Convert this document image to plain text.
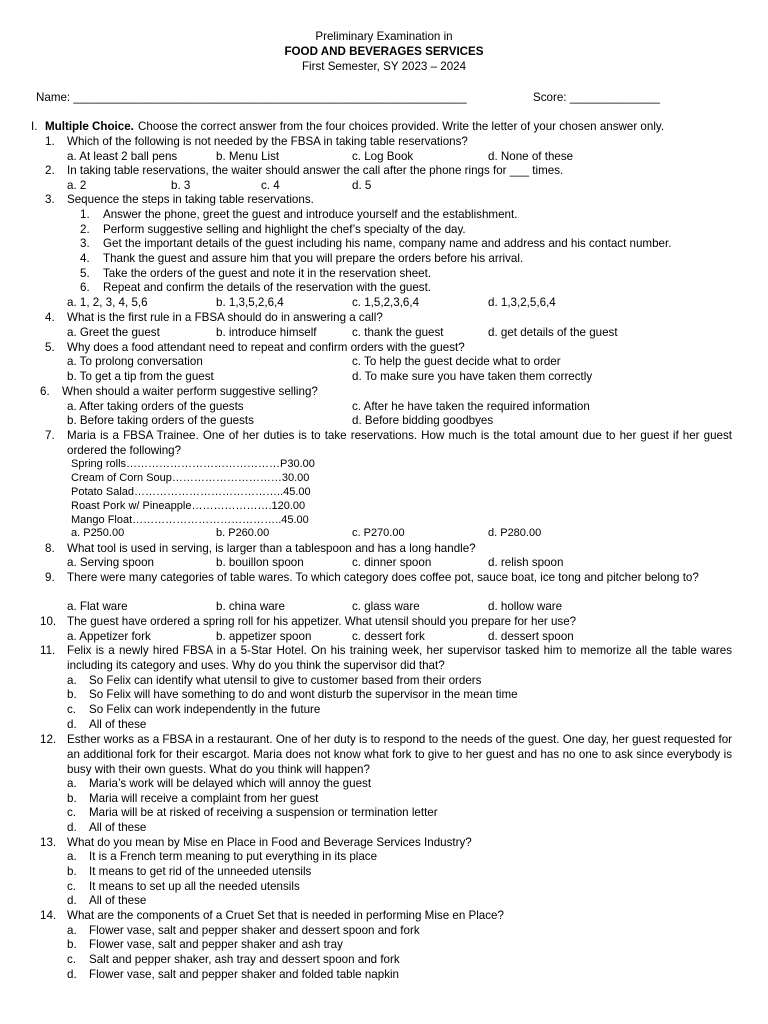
Preliminary Examination in
FOOD AND BEVERAGES SERVICES
First Semester, SY 2023 – 2024
Name: _____________________________________________________________	Score: ______________
I. Multiple Choice. Choose the correct answer from the four choices provided. Write the letter of your chosen answer only.
1. Which of the following is not needed by the FBSA in taking table reservations?
a. At least 2 ball pens	b. Menu List	c. Log Book	d. None of these
2. In taking table reservations, the waiter should answer the call after the phone rings for ___ times.
a. 2	b. 3	c. 4	d. 5
3. Sequence the steps in taking table reservations.
1. Answer the phone, greet the guest and introduce yourself and the establishment.
2. Perform suggestive selling and highlight the chef’s specialty of the day.
3. Get the important details of the guest including his name, company name and address and his contact number.
4. Thank the guest and assure him that you will prepare the orders before his arrival.
5. Take the orders of the guest and note it in the reservation sheet.
6. Repeat and confirm the details of the reservation with the guest.
a. 1, 2, 3, 4, 5,6	b. 1,3,5,2,6,4	c. 1,5,2,3,6,4	d. 1,3,2,5,6,4
4. What is the first rule in a FBSA should do in answering a call?
a. Greet the guest	b. introduce himself	c. thank the guest	d. get details of the guest
5. Why does a food attendant need to repeat and confirm orders with the guest?
a. To prolong conversation	c. To help the guest decide what to order
b. To get a tip from the guest	d. To make sure you have taken them correctly
6. When should a waiter perform suggestive selling?
a. After taking orders of the guests	c. After he have taken the required information
b. Before taking orders of the guests	d. Before bidding goodbyes
7. Maria is a FBSA Trainee. One of her duties is to take reservations. How much is the total amount due to her guest if her guest ordered the following?
Spring rolls……………………………………P30.00
Cream of Corn Soup…………………………30.00
Potato Salad…………………………………..45.00
Roast Pork w/ Pineapple………………….120.00
Mango Float…………………………………..45.00
a. P250.00	b. P260.00	c. P270.00	d. P280.00
8. What tool is used in serving, is larger than a tablespoon and has a long handle?
a. Serving spoon	b. bouillon spoon	c. dinner spoon	d. relish spoon
9. There were many categories of table wares. To which category does coffee pot, sauce boat, ice tong and pitcher belong to?
a. Flat ware	b. china ware	c. glass ware	d. hollow ware
10. The guest have ordered a spring roll for his appetizer. What utensil should you prepare for her use?
a. Appetizer fork	b. appetizer spoon	c. dessert fork	d. dessert spoon
11. Felix is a newly hired FBSA in a 5-Star Hotel. On his training week, her supervisor tasked him to memorize all the table wares including its category and uses. Why do you think the supervisor did that?
a. So Felix can identify what utensil to give to customer based from their orders
b. So Felix will have something to do and wont disturb the supervisor in the mean time
c. So Felix can work independently in the future
d. All of these
12. Esther works as a FBSA in a restaurant. One of her duty is to respond to the needs of the guest. One day, her guest requested for an additional fork for their escargot. Maria does not know what fork to give to her guest and has no one to ask since everybody is busy with their own guests. What do you think will happen?
a. Maria’s work will be delayed which will annoy the guest
b. Maria will receive a complaint from her guest
c. Maria will be at risked of receiving a suspension or termination letter
d. All of these
13. What do you mean by Mise en Place in Food and Beverage Services Industry?
a. It is a French term meaning to put everything in its place
b. It means to get rid of the unneeded utensils
c. It means to set up all the needed utensils
d. All of these
14. What are the components of a Cruet Set that is needed in performing Mise en Place?
a. Flower vase, salt and pepper shaker and dessert spoon and fork
b. Flower vase, salt and pepper shaker and ash tray
c. Salt and pepper shaker, ash tray and dessert spoon and fork
d. Flower vase, salt and pepper shaker and folded table napkin
